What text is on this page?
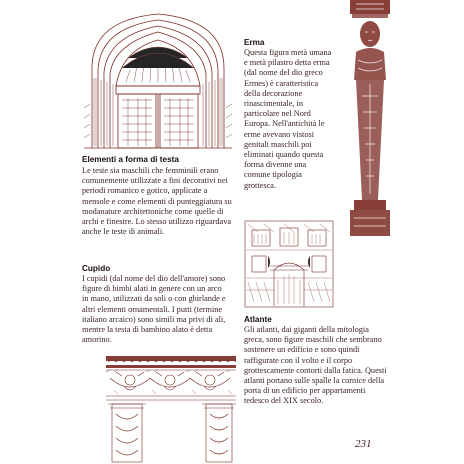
Erma
Questa figura metà umana
e metà pilastro detta erma
(dal nome del dio greco
Ermes) è caratteristica
della decorazione
rinascimentale, in
particolare nel Nord
Europa. Nell'antichità le
erme avevano vistosi
genitali maschili poi
eliminati quando questa
forma divenne una
comune tipologia
grottesca.
Elementi a forma di testa
Le teste sia maschili che femminili erano
comunemente utilizzate a fini decorativi nei
periodi romanico e gotico, applicate a
mensole e come elementi di punteggiatura su
modanature architettoniche come quelle di
archi e finestre. Lo stesso utilizzo riguardava
anche le teste di animali.
Cupido
I cupidi (dal nome del dio dell'amore) sono
figure di bimbi alati in genere con un arco
in mano, utilizzati da soli o con ghirlande e
altri elementi ornamentali. I putti (termine
italiano arcaico) sono simili ma privi di ali,
mentre la testa di bambino alato è detta
amorino.
Atlante
Gli atlanti, dai giganti della mitologia
greca, sono figure maschili che sembrano
sostenere un edificio e sono quindi
raffigurate con il volto e il corpo
grottescamente contorti dalla fatica. Questi
atlanti portano sulle spalle la cornice della
porta di un edificio per appartamenti
tedesco del XIX secolo.
231
